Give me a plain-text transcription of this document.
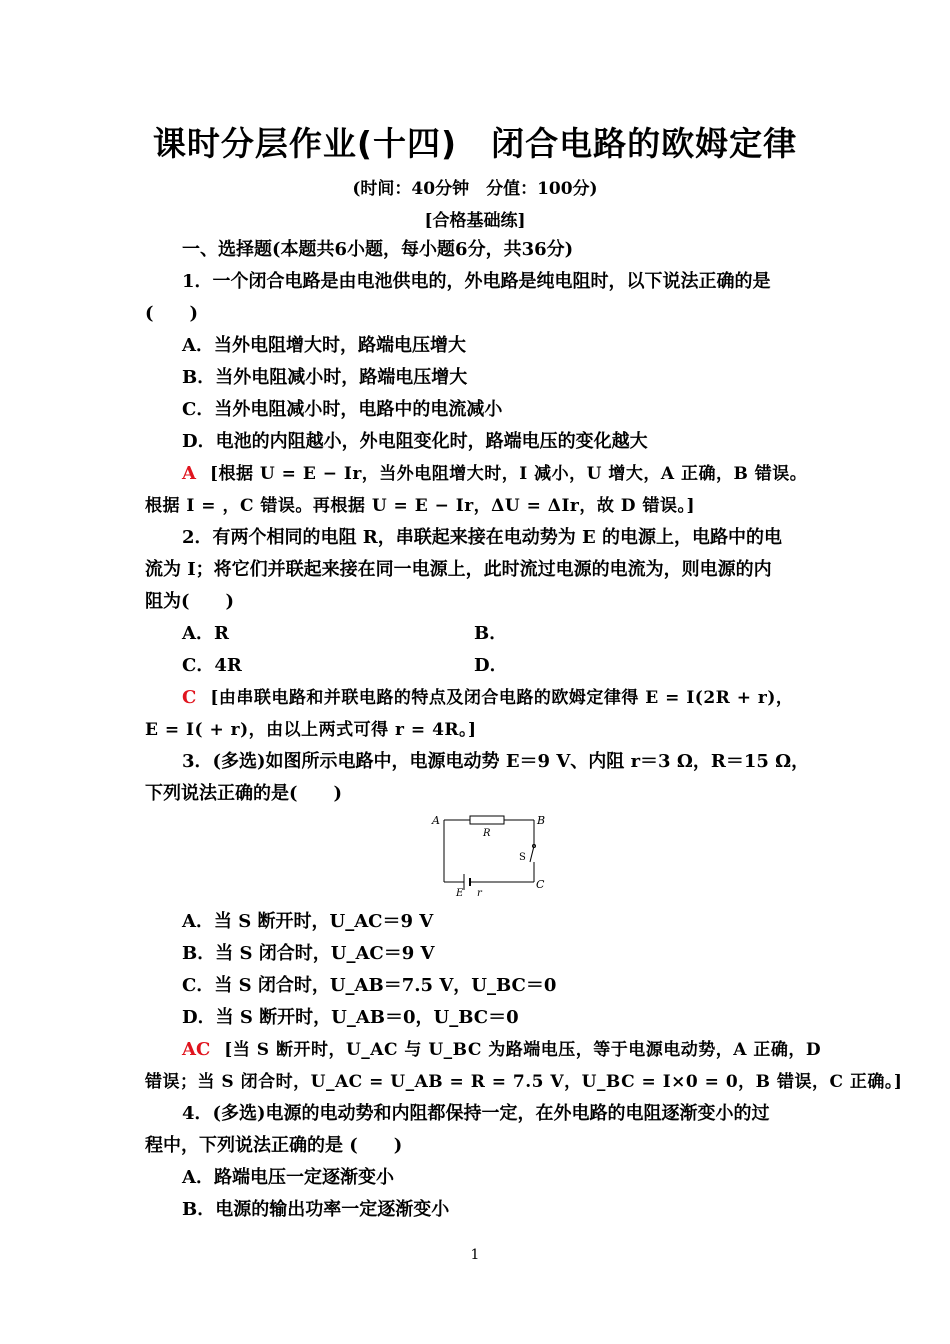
课时分层作业(十四)　闭合电路的欧姆定律
(时间：40分钟　分值：100分)
[合格基础练]
一、选择题(本题共6小题，每小题6分，共36分)
1．一个闭合电路是由电池供电的，外电路是纯电阻时，以下说法正确的是
(　　)
A．当外电阻增大时，路端电压增大
B．当外电阻减小时，路端电压增大
C．当外电阻减小时，电路中的电流减小
D．电池的内阻越小，外电阻变化时，路端电压的变化越大
A [根据 U = E − Ir，当外电阻增大时，I 减小，U 增大，A 正确，B 错误。
根据 I = ，C 错误。再根据 U = E − Ir，ΔU = ΔIr，故 D 错误。]
2．有两个相同的电阻 R，串联起来接在电动势为 E 的电源上，电路中的电
流为 I；将它们并联起来接在同一电源上，此时流过电源的电流为，则电源的内
阻为(　　)
A．R	B．
C．4R	D．
C [由串联电路和并联电路的特点及闭合电路的欧姆定律得 E = I(2R + r)，
E = I( + r)，由以上两式可得 r = 4R。]
3．(多选)如图所示电路中，电源电动势 E＝9 V、内阻 r＝3 Ω，R＝15 Ω，
下列说法正确的是(　　)
A	B
C
R
S
E r
A．当 S 断开时，U_AC＝9 V
B．当 S 闭合时，U_AC＝9 V
C．当 S 闭合时，U_AB＝7.5 V，U_BC＝0
D．当 S 断开时，U_AB＝0，U_BC＝0
AC [当 S 断开时，U_AC 与 U_BC 为路端电压，等于电源电动势，A 正确，D
错误；当 S 闭合时，U_AC = U_AB = R = 7.5 V，U_BC = I×0 = 0，B 错误，C 正确。]
4．(多选)电源的电动势和内阻都保持一定，在外电路的电阻逐渐变小的过
程中，下列说法正确的是 (　　)
A．路端电压一定逐渐变小
B．电源的输出功率一定逐渐变小
1
